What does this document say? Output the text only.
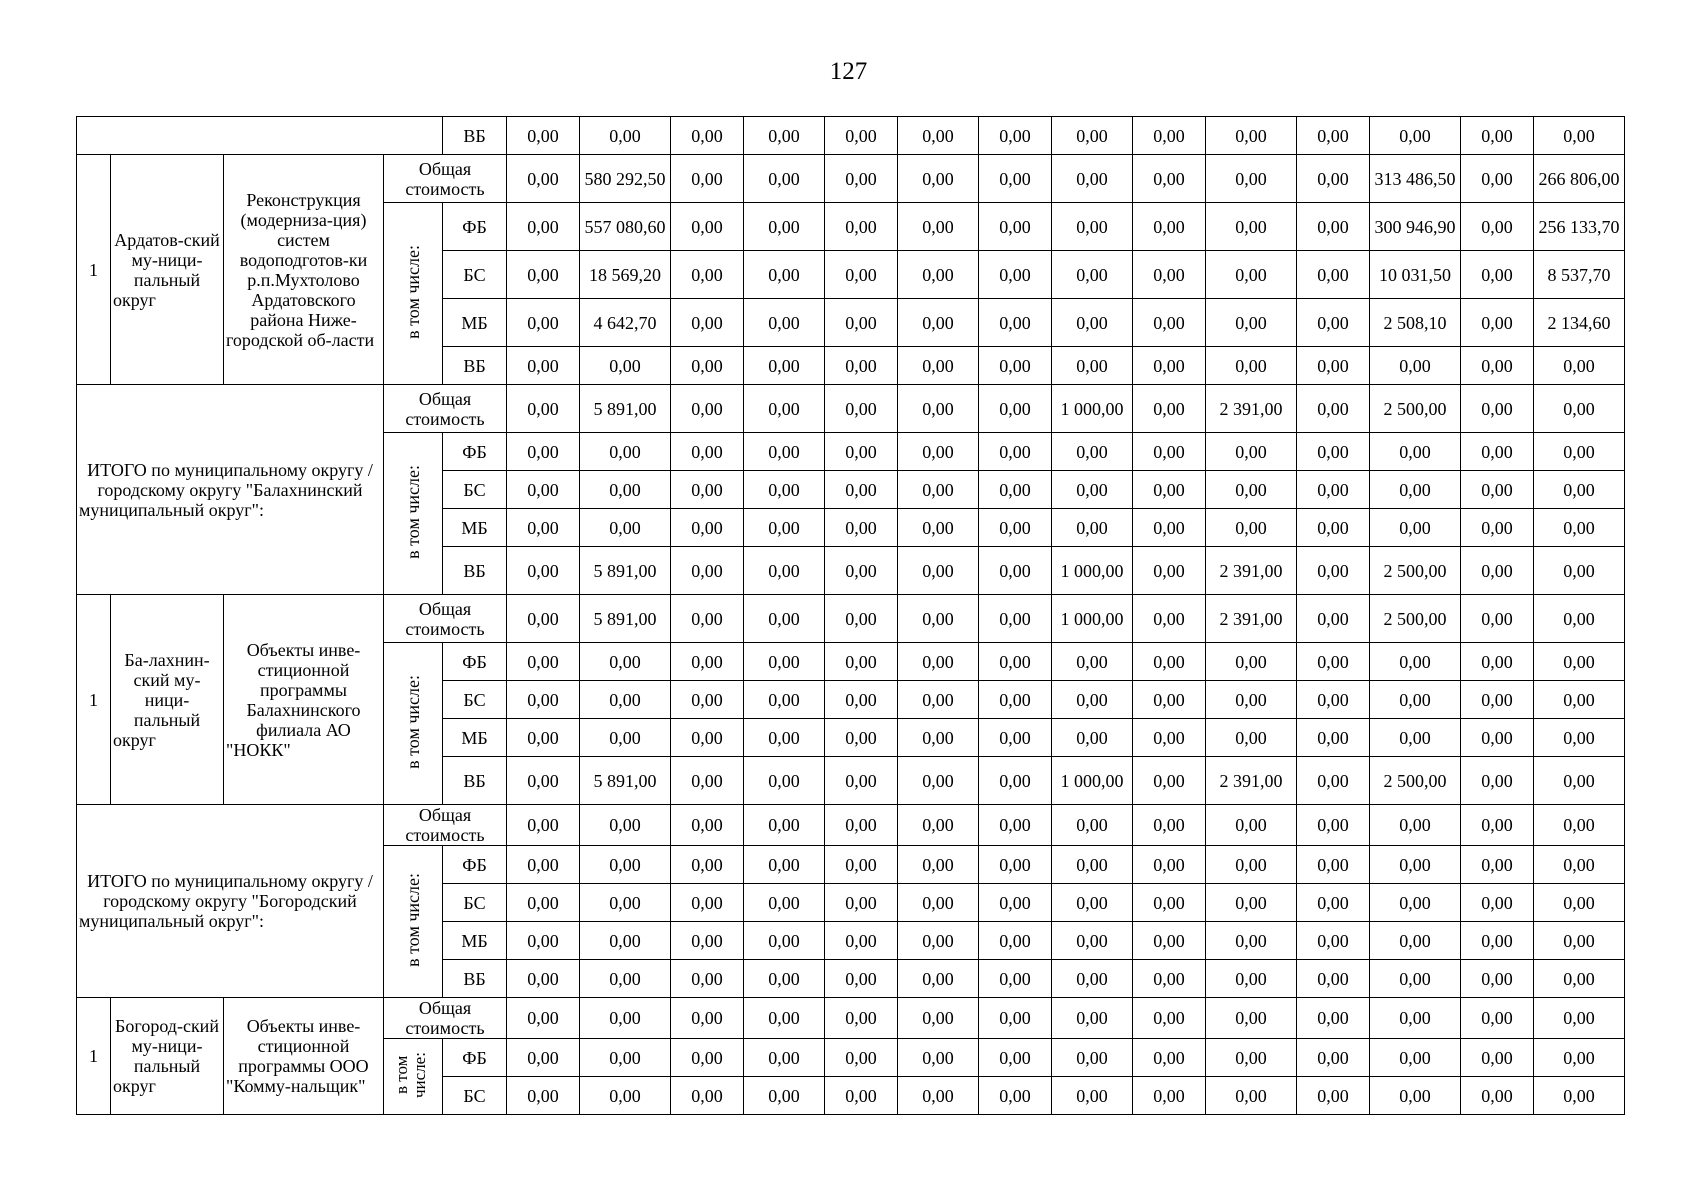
127
				ВБ	0,00	0,00	0,00	0,00	0,00	0,00	0,00	0,00	0,00	0,00	0,00	0,00	0,00	0,00
1	Ардатов-ский му-ници-пальный округ	Реконструкция (модерниза-ция) систем водоподготов-ки р.п.Мухтолово Ардатовского района Ниже-городской об-ласти	Общая стоимость		0,00	580 292,50	0,00	0,00	0,00	0,00	0,00	0,00	0,00	0,00	0,00	313 486,50	0,00	266 806,00
			в том числе:	ФБ	0,00	557 080,60	0,00	0,00	0,00	0,00	0,00	0,00	0,00	0,00	0,00	300 946,90	0,00	256 133,70
				БС	0,00	18 569,20	0,00	0,00	0,00	0,00	0,00	0,00	0,00	0,00	0,00	10 031,50	0,00	8 537,70
				МБ	0,00	4 642,70	0,00	0,00	0,00	0,00	0,00	0,00	0,00	0,00	0,00	2 508,10	0,00	2 134,60
				ВБ	0,00	0,00	0,00	0,00	0,00	0,00	0,00	0,00	0,00	0,00	0,00	0,00	0,00	0,00
ИТОГО по муниципальному округу / городскому округу "Балахнинский муниципальный округ":			Общая стоимость		0,00	5 891,00	0,00	0,00	0,00	0,00	0,00	1 000,00	0,00	2 391,00	0,00	2 500,00	0,00	0,00
			в том числе:	ФБ	0,00	0,00	0,00	0,00	0,00	0,00	0,00	0,00	0,00	0,00	0,00	0,00	0,00	0,00
				БС	0,00	0,00	0,00	0,00	0,00	0,00	0,00	0,00	0,00	0,00	0,00	0,00	0,00	0,00
				МБ	0,00	0,00	0,00	0,00	0,00	0,00	0,00	0,00	0,00	0,00	0,00	0,00	0,00	0,00
				ВБ	0,00	5 891,00	0,00	0,00	0,00	0,00	0,00	1 000,00	0,00	2 391,00	0,00	2 500,00	0,00	0,00
1	Ба-лахнин-ский му-ници-пальный округ	Объекты инве-стиционной программы Балахнинского филиала АО "НОКК"	Общая стоимость		0,00	5 891,00	0,00	0,00	0,00	0,00	0,00	1 000,00	0,00	2 391,00	0,00	2 500,00	0,00	0,00
			в том числе:	ФБ	0,00	0,00	0,00	0,00	0,00	0,00	0,00	0,00	0,00	0,00	0,00	0,00	0,00	0,00
				БС	0,00	0,00	0,00	0,00	0,00	0,00	0,00	0,00	0,00	0,00	0,00	0,00	0,00	0,00
				МБ	0,00	0,00	0,00	0,00	0,00	0,00	0,00	0,00	0,00	0,00	0,00	0,00	0,00	0,00
				ВБ	0,00	5 891,00	0,00	0,00	0,00	0,00	0,00	1 000,00	0,00	2 391,00	0,00	2 500,00	0,00	0,00
ИТОГО по муниципальному округу / городскому округу "Богородский муниципальный округ":			Общая стоимость		0,00	0,00	0,00	0,00	0,00	0,00	0,00	0,00	0,00	0,00	0,00	0,00	0,00	0,00
			в том числе:	ФБ	0,00	0,00	0,00	0,00	0,00	0,00	0,00	0,00	0,00	0,00	0,00	0,00	0,00	0,00
				БС	0,00	0,00	0,00	0,00	0,00	0,00	0,00	0,00	0,00	0,00	0,00	0,00	0,00	0,00
				МБ	0,00	0,00	0,00	0,00	0,00	0,00	0,00	0,00	0,00	0,00	0,00	0,00	0,00	0,00
				ВБ	0,00	0,00	0,00	0,00	0,00	0,00	0,00	0,00	0,00	0,00	0,00	0,00	0,00	0,00
1	Богород-ский му-ници-пальный округ	Объекты инве-стиционной программы ООО "Комму-нальщик"	Общая стоимость		0,00	0,00	0,00	0,00	0,00	0,00	0,00	0,00	0,00	0,00	0,00	0,00	0,00	0,00
			в том числе:	ФБ	0,00	0,00	0,00	0,00	0,00	0,00	0,00	0,00	0,00	0,00	0,00	0,00	0,00	0,00
				БС	0,00	0,00	0,00	0,00	0,00	0,00	0,00	0,00	0,00	0,00	0,00	0,00	0,00	0,00
